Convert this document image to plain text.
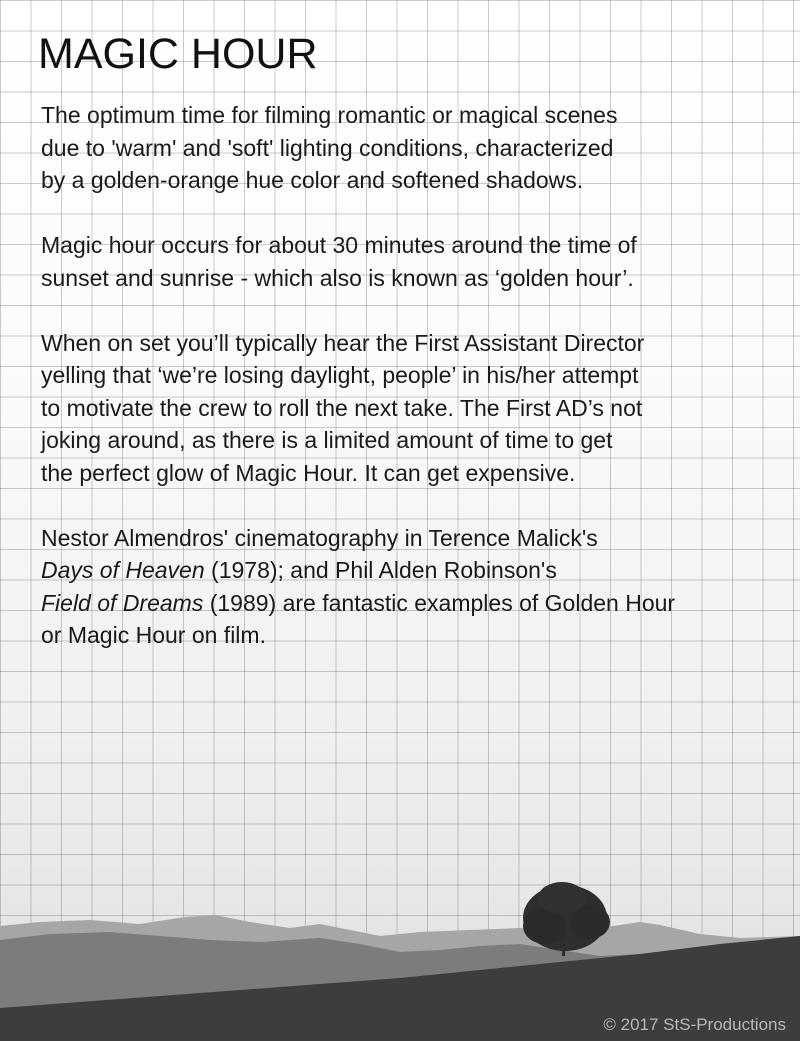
MAGIC HOUR

The optimum time for filming romantic or magical scenes
due to 'warm' and 'soft' lighting conditions, characterized
by a golden-orange hue color and softened shadows.

Magic hour occurs for about 30 minutes around the time of
sunset and sunrise - which also is known as ‘golden hour’.

When on set you’ll typically hear the First Assistant Director
yelling that ‘we’re losing daylight, people’ in his/her attempt
to motivate the crew to roll the next take. The First AD’s not
joking around, as there is a limited amount of time to get
the perfect glow of Magic Hour. It can get expensive.

Nestor Almendros' cinematography in Terence Malick's
Days of Heaven (1978); and Phil Alden Robinson's
Field of Dreams (1989) are fantastic examples of Golden Hour
or Magic Hour on film.

© 2017 StS-Productions
